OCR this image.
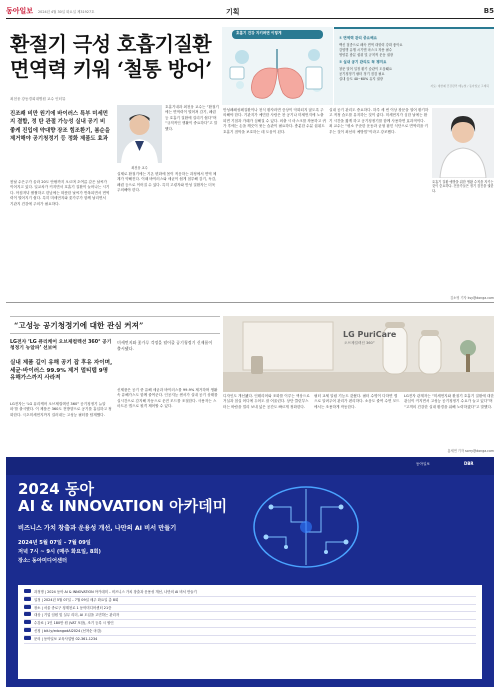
동아일보 2024년 4월 30일 화요일 제31927호	기획	B5
환절기 극성 호흡기질환
면역력 키워 ‘철통 방어’
호흡기 건강 지키려면 이렇게
① 면역력 관리 중요해요
백신 접종으로 폐속 면역 대항력 강화 좋아요
감염병 유행 시기엔 마스크 착용 필수
영양분 충분 섭취 및 규칙적 운동 권장
② 실내 공기 관리도 꼭 챙겨요
창문 열어 일정 환기 습관이 도움돼요
공기청정기 필터 정기 점검 필요
실내 습도 40~60% 유지 권장
자료: 대한폐 건강관리 매뉴얼 / 동아일보 그래픽
최천웅 강동경희대병원 교수 인터뷰
진조쾌 비만 원기에 바이러스 특부 미세먼지 결합, 정 탄 관절 가능성 실내 공기 비좋케 진입에 약대향 장조 힘조환기, 봄순을 제거해야 공기청정기 등 정화 제품도 효과
봄날 수은주가 올라 20도 안팎까지 오르며 초여름 같은 날씨가 이어지고 있다. 일교차가 커지면서 호흡기 질환이 늘어나는 시기다. 아침저녁 쌀쌀하고 한낮에는 따뜻한 날씨가 반복되면서 면역력이 떨어지기 쉽다. 특히 미세먼지와 꽃가루가 함께 날리면서 기관지 건강에 주의가 필요하다.
최천웅 교수
호흡기내과 최천웅 교수는 “환절기에는 면역력이 떨어져 감기, 폐렴 등 호흡기 질환에 걸리기 쉽다”며 “규칙적인 생활이 중요하다”고 말했다.
실제로 환절기에는 기온 변화에 몸이 적응하는 과정에서 면역 체계가 약해진다. 이때 바이러스와 세균이 쉽게 침투해 감기, 독감, 폐렴 등으로 이어질 수 있다. 특히 고령자와 만성 질환자는 더욱 주의해야 한다.
만성폐쇄성폐질환이나 천식 환자라면 증상이 악화되지 않도록 주의해야 한다. 기관지가 예민한 사람은 찬 공기나 미세먼지에 노출되면 기침과 가래가 심해질 수 있다. 외출 시 마스크를 착용하고 귀가 후에는 손을 깨끗이 씻는 습관이 필요하다. 충분한 수분 섭취도 호흡기 점막을 보호하는 데 도움이 된다.
실내 공기 관리도 중요하다. 하루 세 번 이상 창문을 열어 환기하고 적정 습도를 유지하는 것이 좋다. 미세먼지가 심한 날에는 환기 시간을 짧게 하고 공기청정기를 함께 사용하면 효과적이다. 최 교수는 “평소 꾸준한 운동과 균형 잡힌 식단으로 면역력을 키우는 것이 최선의 예방법”이라고 강조했다.
호흡기 질환 예방을 위한 생활 수칙을 지키는 것이 중요하다. 전문가들은 정기 검진을 권한다.
김소영 기자 ksy@donga.com
“고성능 공기청정기에 대한 관심 커져”
LG전자 ‘LG 퓨리케어 오브제컬렉션 360° 공기청정기 뉴알파’ 선보여
미세먼지와 꽃가루 걱정을 덜어줄 공기청정기 신제품이 출시됐다.
실내 제품 길이 유해 공기 잡 후유 자이며, 세균·바이러스 99.9% 제거 멀티탭 9명 유해가스까지 사라져
LG전자는 ‘LG 퓨리케어 오브제컬렉션 360° 공기청정기 뉴알파’를 출시했다. 이 제품은 360도 전방향으로 공기를 흡입하고 정화한다. 극초미세먼지까지 걸러내는 고성능 필터를 탑재했다.
신제품은 공기 중 유해 세균과 바이러스를 99.9% 제거하며 생활 속 유해가스도 함께 줄여준다. 인공지능 센서가 실내 공기 상태를 실시간으로 감지해 자동으로 운전 모드를 조절한다. 사용자는 스마트폰 앱으로 원격 제어할 수 있다.
LG PuriCare
오브제컬렉션 360°
디자인도 개선됐다. 인테리어와 조화를 이루는 색상으로 거실과 침실 어디에 두어도 잘 어울린다. 상단 클린부스터는 바람을 멀리 보내 넓은 공간도 빠르게 정화한다.
필터 교체 알림 기능도 갖췄다. 필터 수명이 다하면 앱으로 알려주어 관리가 편리하다. 소음도 줄여 수면 모드에서는 조용하게 작동한다.
LG전자 관계자는 “미세먼지와 환절기 호흡기 질환에 대한 관심이 커지면서 고성능 공기청정기 수요가 늘고 있다”며 “고객의 건강한 실내 환경을 위해 노력하겠다”고 말했다.
홍세연 기자 sorry@donga.com
동아일보	DBR
2024 동아
AI & INNOVATION 아카데미
비즈니스 가치 창출과 운용성 개선, 나만의 AI 비서 만들기
2024년 5월 07일 – 7월 09일
저녁 7시 ~ 9시 (매주 화요일, 8회)
장소: 동아미디어센터
과정명 | 2024 동아 AI & INNOVATION 아카데미 – 비즈니스 가치 창출과 운용성 개선, 나만의 AI 비서 만들기
일정 | 2024년 5월 07일 – 7월 09일 매주 화요일 총 8회
장소 | 서울 종로구 청계천로 1 동아미디어센터 21층
대상 | 기업 임원 및 실무 리더, AI 도입을 고민하는 관리자
수강료 | 1인 180만 원 (VAT 포함), 조기 등록 시 할인
신청 | bit.ly/edongadAI2024 (선착순 마감)
문의 | 동아일보 교육사업팀 02-361-1234
